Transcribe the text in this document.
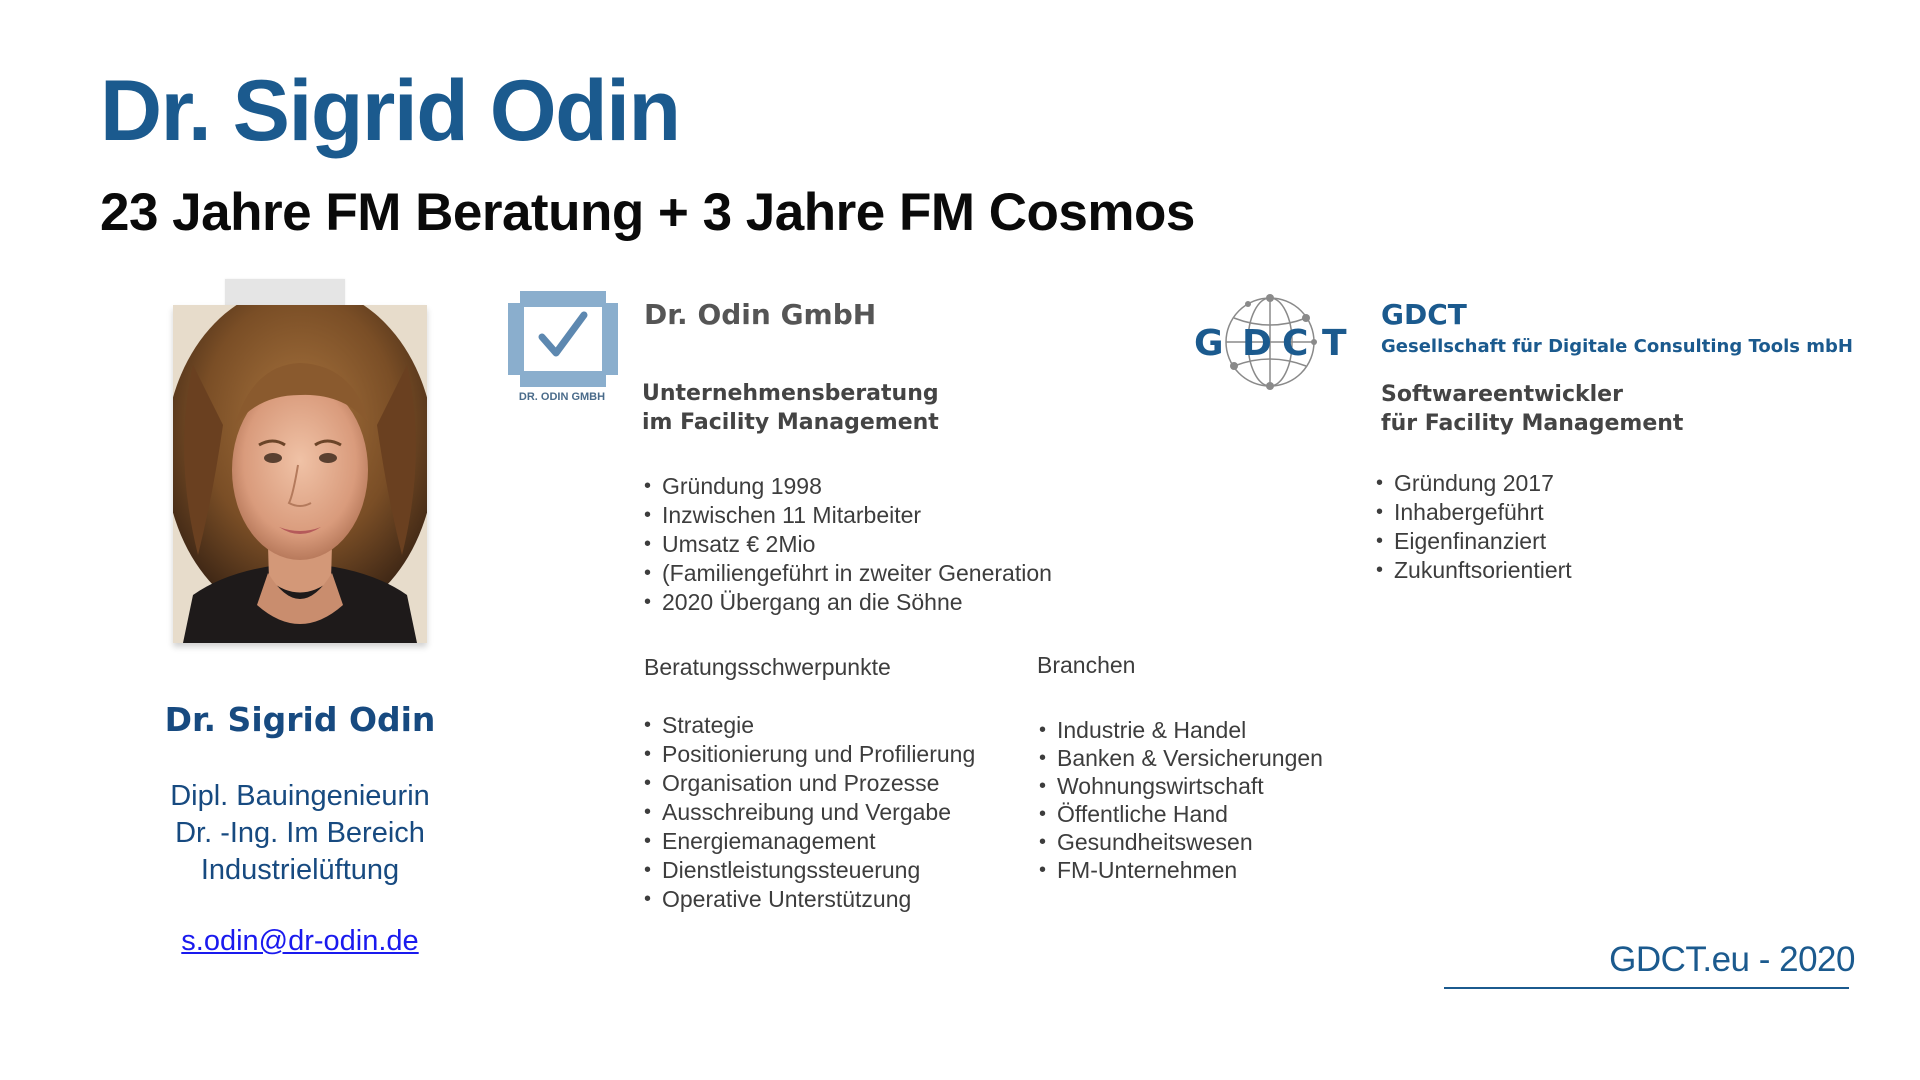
Dr. Sigrid Odin
23 Jahre FM Beratung + 3 Jahre FM Cosmos
Dr. Sigrid Odin
Dipl. Bauingenieurin
Dr. -Ing. Im Bereich
Industrielüftung
s.odin@dr-odin.de
DR. ODIN GMBH
Dr. Odin GmbH
Unternehmensberatung
im Facility Management
• Gründung 1998
• Inzwischen 11 Mitarbeiter
• Umsatz € 2Mio
• (Familiengeführt in zweiter Generation
• 2020 Übergang an die Söhne
Beratungsschwerpunkte
• Strategie
• Positionierung und Profilierung
• Organisation und Prozesse
• Ausschreibung und Vergabe
• Energiemanagement
• Dienstleistungssteuerung
• Operative Unterstützung
Branchen
• Industrie & Handel
• Banken & Versicherungen
• Wohnungswirtschaft
• Öffentliche Hand
• Gesundheitswesen
• FM-Unternehmen
G D C T
GDCT
Gesellschaft für Digitale Consulting Tools mbH
Softwareentwickler
für Facility Management
• Gründung 2017
• Inhabergeführt
• Eigenfinanziert
• Zukunftsorientiert
GDCT.eu - 2020
